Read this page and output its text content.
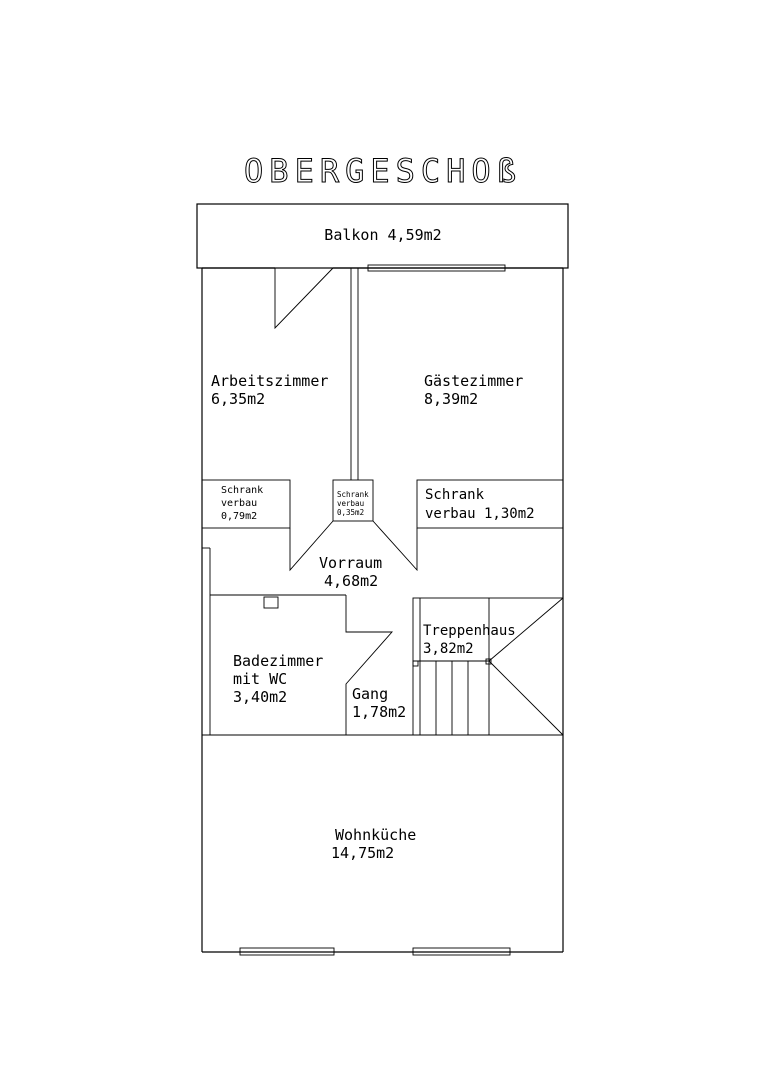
OBERGESCHOß
Balkon 4,59m2
Arbeitszimmer
6,35m2
Gästezimmer
8,39m2
Schrank
verbau
0,79m2
Schrank
verbau
0,35m2
Schrank
verbau 1,30m2
Vorraum
4,68m2
Treppenhaus
3,82m2
Badezimmer
mit WC
3,40m2	Gang
1,78m2
Wohnküche
14,75m2
